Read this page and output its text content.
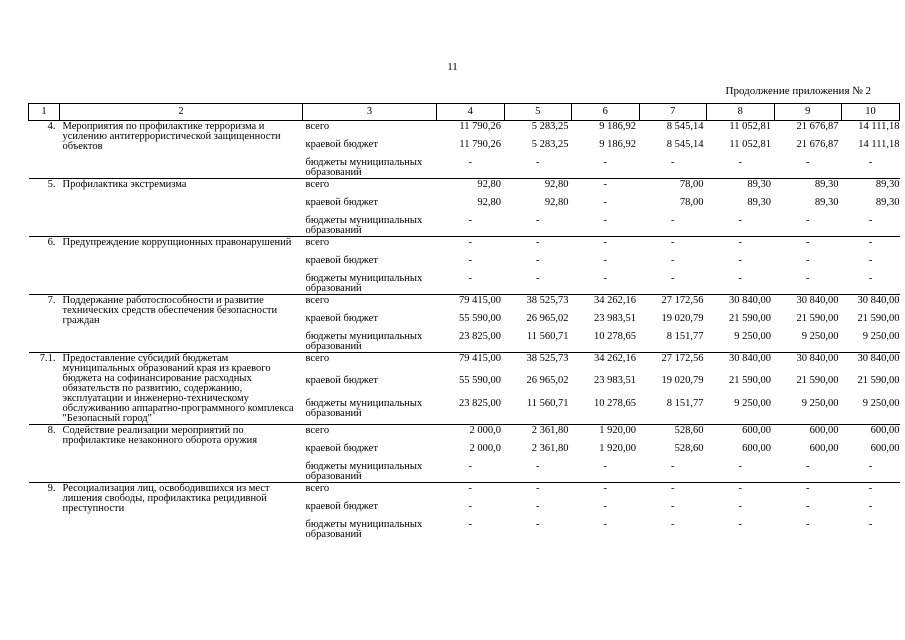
11
Продолжение приложения № 2
1	2	3	4	5	6	7	8	9	10
4.	Мероприятия по профилактике терроризма и усилению антитеррористической защищенности объектов	всего	11 790,26	5 283,25	9 186,92	8 545,14	11 052,81	21 676,87	14 111,18
		краевой бюджет	11 790,26	5 283,25	9 186,92	8 545,14	11 052,81	21 676,87	14 111,18
		бюджеты муниципальных образований	-	-	-	-	-	-	-
5.	Профилактика экстремизма	всего	92,80	92,80	-	78,00	89,30	89,30	89,30
		краевой бюджет	92,80	92,80	-	78,00	89,30	89,30	89,30
		бюджеты муниципальных образований	-	-	-	-	-	-	-
6.	Предупреждение коррупционных правонарушений	всего	-	-	-	-	-	-	-
		краевой бюджет	-	-	-	-	-	-	-
		бюджеты муниципальных образований	-	-	-	-	-	-	-
7.	Поддержание работоспособности и развитие технических средств обеспечения безопасности граждан	всего	79 415,00	38 525,73	34 262,16	27 172,56	30 840,00	30 840,00	30 840,00
		краевой бюджет	55 590,00	26 965,02	23 983,51	19 020,79	21 590,00	21 590,00	21 590,00
		бюджеты муниципальных образований	23 825,00	11 560,71	10 278,65	8 151,77	9 250,00	9 250,00	9 250,00
7.1.	Предоставление субсидий бюджетам муниципальных образований края из краевого бюджета на софинансирование расходных обязательств по развитию, содержанию, эксплуатации и инженерно-техническому обслуживанию аппаратно-программного комплекса "Безопасный город"	всего	79 415,00	38 525,73	34 262,16	27 172,56	30 840,00	30 840,00	30 840,00
		краевой бюджет	55 590,00	26 965,02	23 983,51	19 020,79	21 590,00	21 590,00	21 590,00
		бюджеты муниципальных образований	23 825,00	11 560,71	10 278,65	8 151,77	9 250,00	9 250,00	9 250,00
8.	Содействие реализации мероприятий по профилактике незаконного оборота оружия	всего	2 000,0	2 361,80	1 920,00	528,60	600,00	600,00	600,00
		краевой бюджет	2 000,0	2 361,80	1 920,00	528,60	600,00	600,00	600,00
		бюджеты муниципальных образований	-	-	-	-	-	-	-
9.	Ресоциализация лиц, освободившихся из мест лишения свободы, профилактика рецидивной преступности	всего	-	-	-	-	-	-	-
		краевой бюджет	-	-	-	-	-	-	-
		бюджеты муниципальных образований	-	-	-	-	-	-	-
